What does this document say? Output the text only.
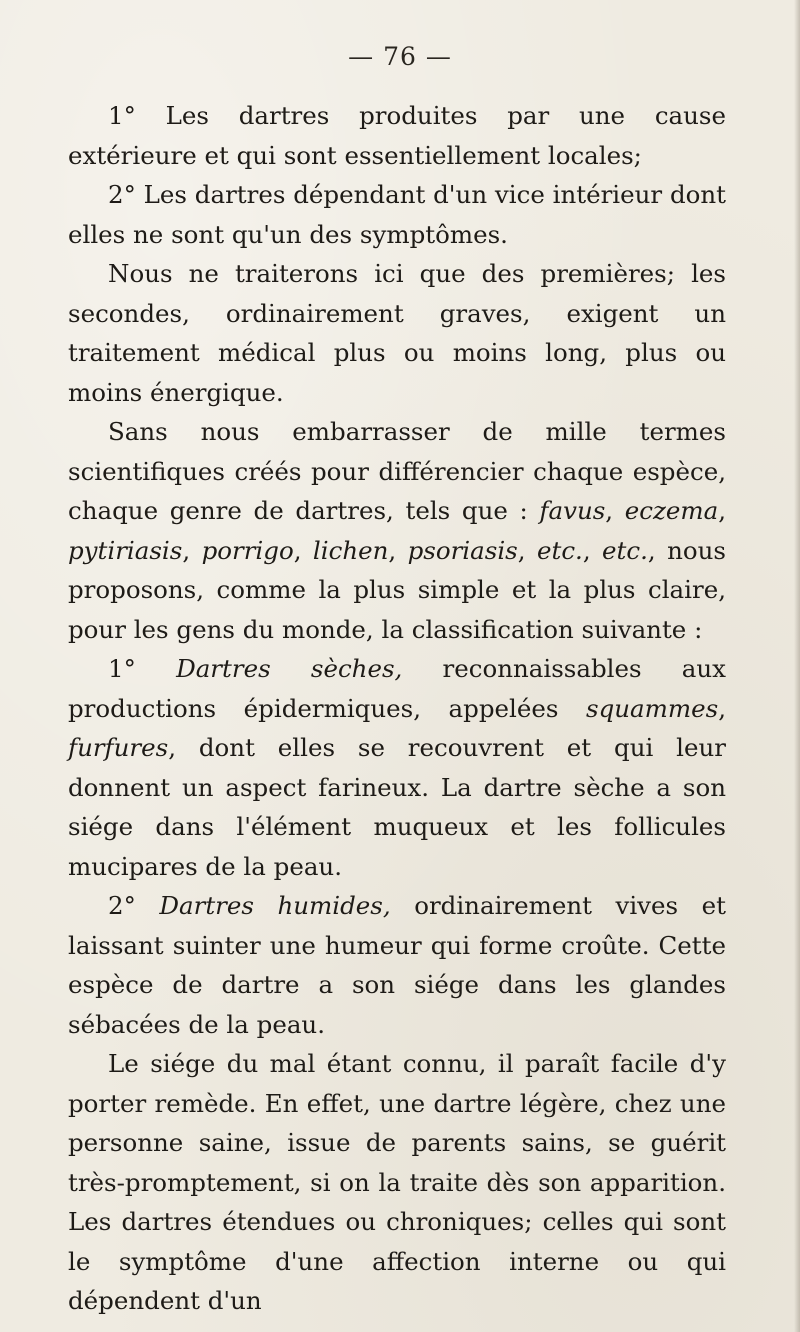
— 76 —

1° Les dartres produites par une cause extérieure et qui sont essentiellement locales;

2° Les dartres dépendant d'un vice intérieur dont elles ne sont qu'un des symptômes.

Nous ne traiterons ici que des premières; les secondes, ordinairement graves, exigent un traitement médical plus ou moins long, plus ou moins énergique.

Sans nous embarrasser de mille termes scientifiques créés pour différencier chaque espèce, chaque genre de dartres, tels que : favus, eczema, pytiriasis, porrigo, lichen, psoriasis, etc., etc., nous proposons, comme la plus simple et la plus claire, pour les gens du monde, la classification suivante :

1° Dartres sèches, reconnaissables aux productions épidermiques, appelées squammes, furfures, dont elles se recouvrent et qui leur donnent un aspect farineux. La dartre sèche a son siége dans l'élément muqueux et les follicules mucipares de la peau.

2° Dartres humides, ordinairement vives et laissant suinter une humeur qui forme croûte. Cette espèce de dartre a son siége dans les glandes sébacées de la peau.

Le siége du mal étant connu, il paraît facile d'y porter remède. En effet, une dartre légère, chez une personne saine, issue de parents sains, se guérit très-promptement, si on la traite dès son apparition. Les dartres étendues ou chroniques; celles qui sont le symptôme d'une affection interne ou qui dépendent d'un
